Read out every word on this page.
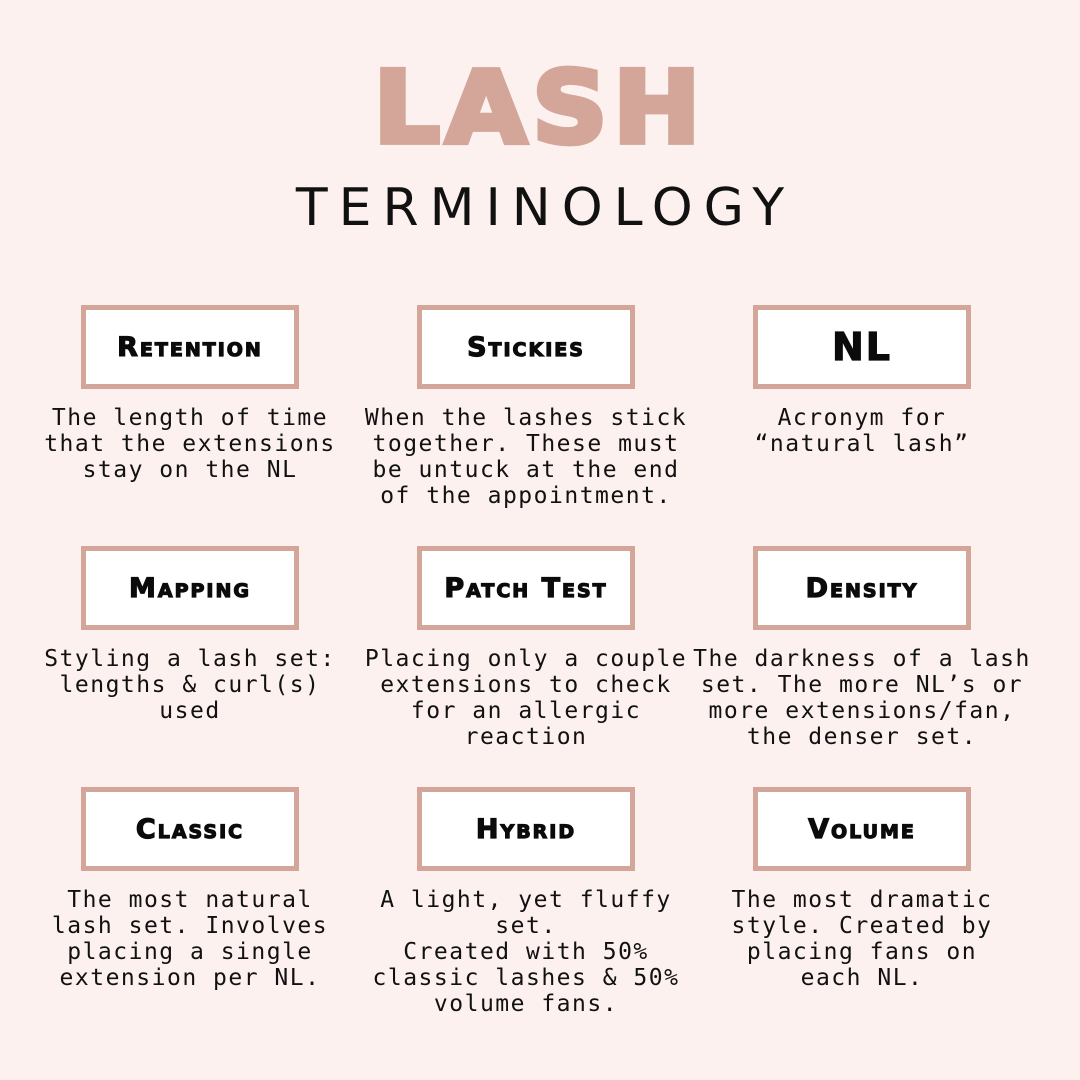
LASH
TERMINOLOGY
Retention
The length of time
that the extensions
stay on the NL
Stickies
When the lashes stick
together. These must
be untuck at the end
of the appointment.
NL
Acronym for
“natural lash”
Mapping
Styling a lash set:
lengths & curl(s)
used
Patch Test
Placing only a couple
extensions to check
for an allergic
reaction
Density
The darkness of a lash
set. The more NL’s or
more extensions/fan,
the denser set.
Classic
The most natural
lash set. Involves
placing a single
extension per NL.
Hybrid
A light, yet fluffy set.
Created with 50%
classic lashes & 50%
volume fans.
Volume
The most dramatic
style. Created by
placing fans on
each NL.
